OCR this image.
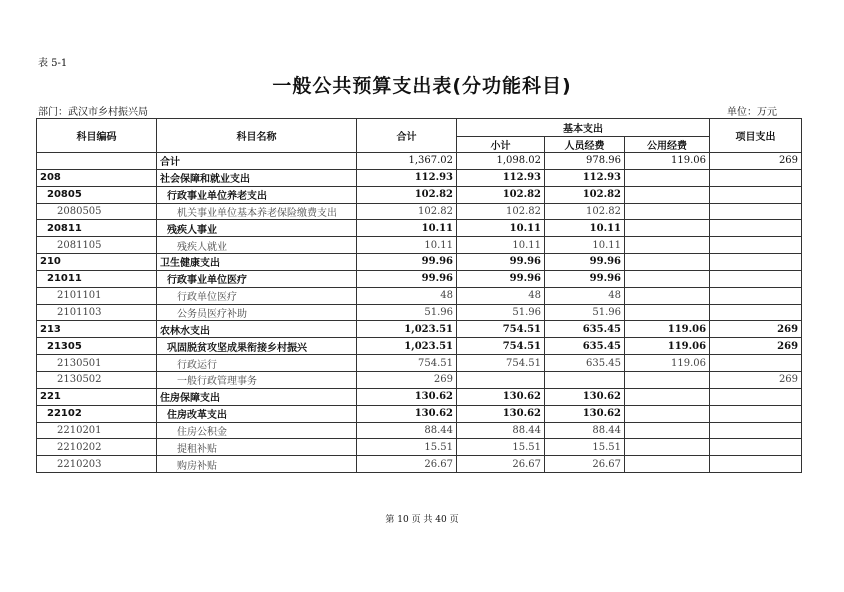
表 5-1
一般公共预算支出表(分功能科目)
部门：武汉市乡村振兴局	单位：万元
科目编码	科目名称	合计	基本支出			项目支出
			小计	人员经费	公用经费	
	合计	1,367.02	1,098.02	978.96	119.06	269
208	社会保障和就业支出	112.93	112.93	112.93		
20805	行政事业单位养老支出	102.82	102.82	102.82		
2080505	机关事业单位基本养老保险缴费支出	102.82	102.82	102.82		
20811	残疾人事业	10.11	10.11	10.11		
2081105	残疾人就业	10.11	10.11	10.11		
210	卫生健康支出	99.96	99.96	99.96		
21011	行政事业单位医疗	99.96	99.96	99.96		
2101101	行政单位医疗	48	48	48		
2101103	公务员医疗补助	51.96	51.96	51.96		
213	农林水支出	1,023.51	754.51	635.45	119.06	269
21305	巩固脱贫攻坚成果衔接乡村振兴	1,023.51	754.51	635.45	119.06	269
2130501	行政运行	754.51	754.51	635.45	119.06	
2130502	一般行政管理事务	269				269
221	住房保障支出	130.62	130.62	130.62		
22102	住房改革支出	130.62	130.62	130.62		
2210201	住房公积金	88.44	88.44	88.44		
2210202	提租补贴	15.51	15.51	15.51		
2210203	购房补贴	26.67	26.67	26.67		
第 10 页 共 40 页
